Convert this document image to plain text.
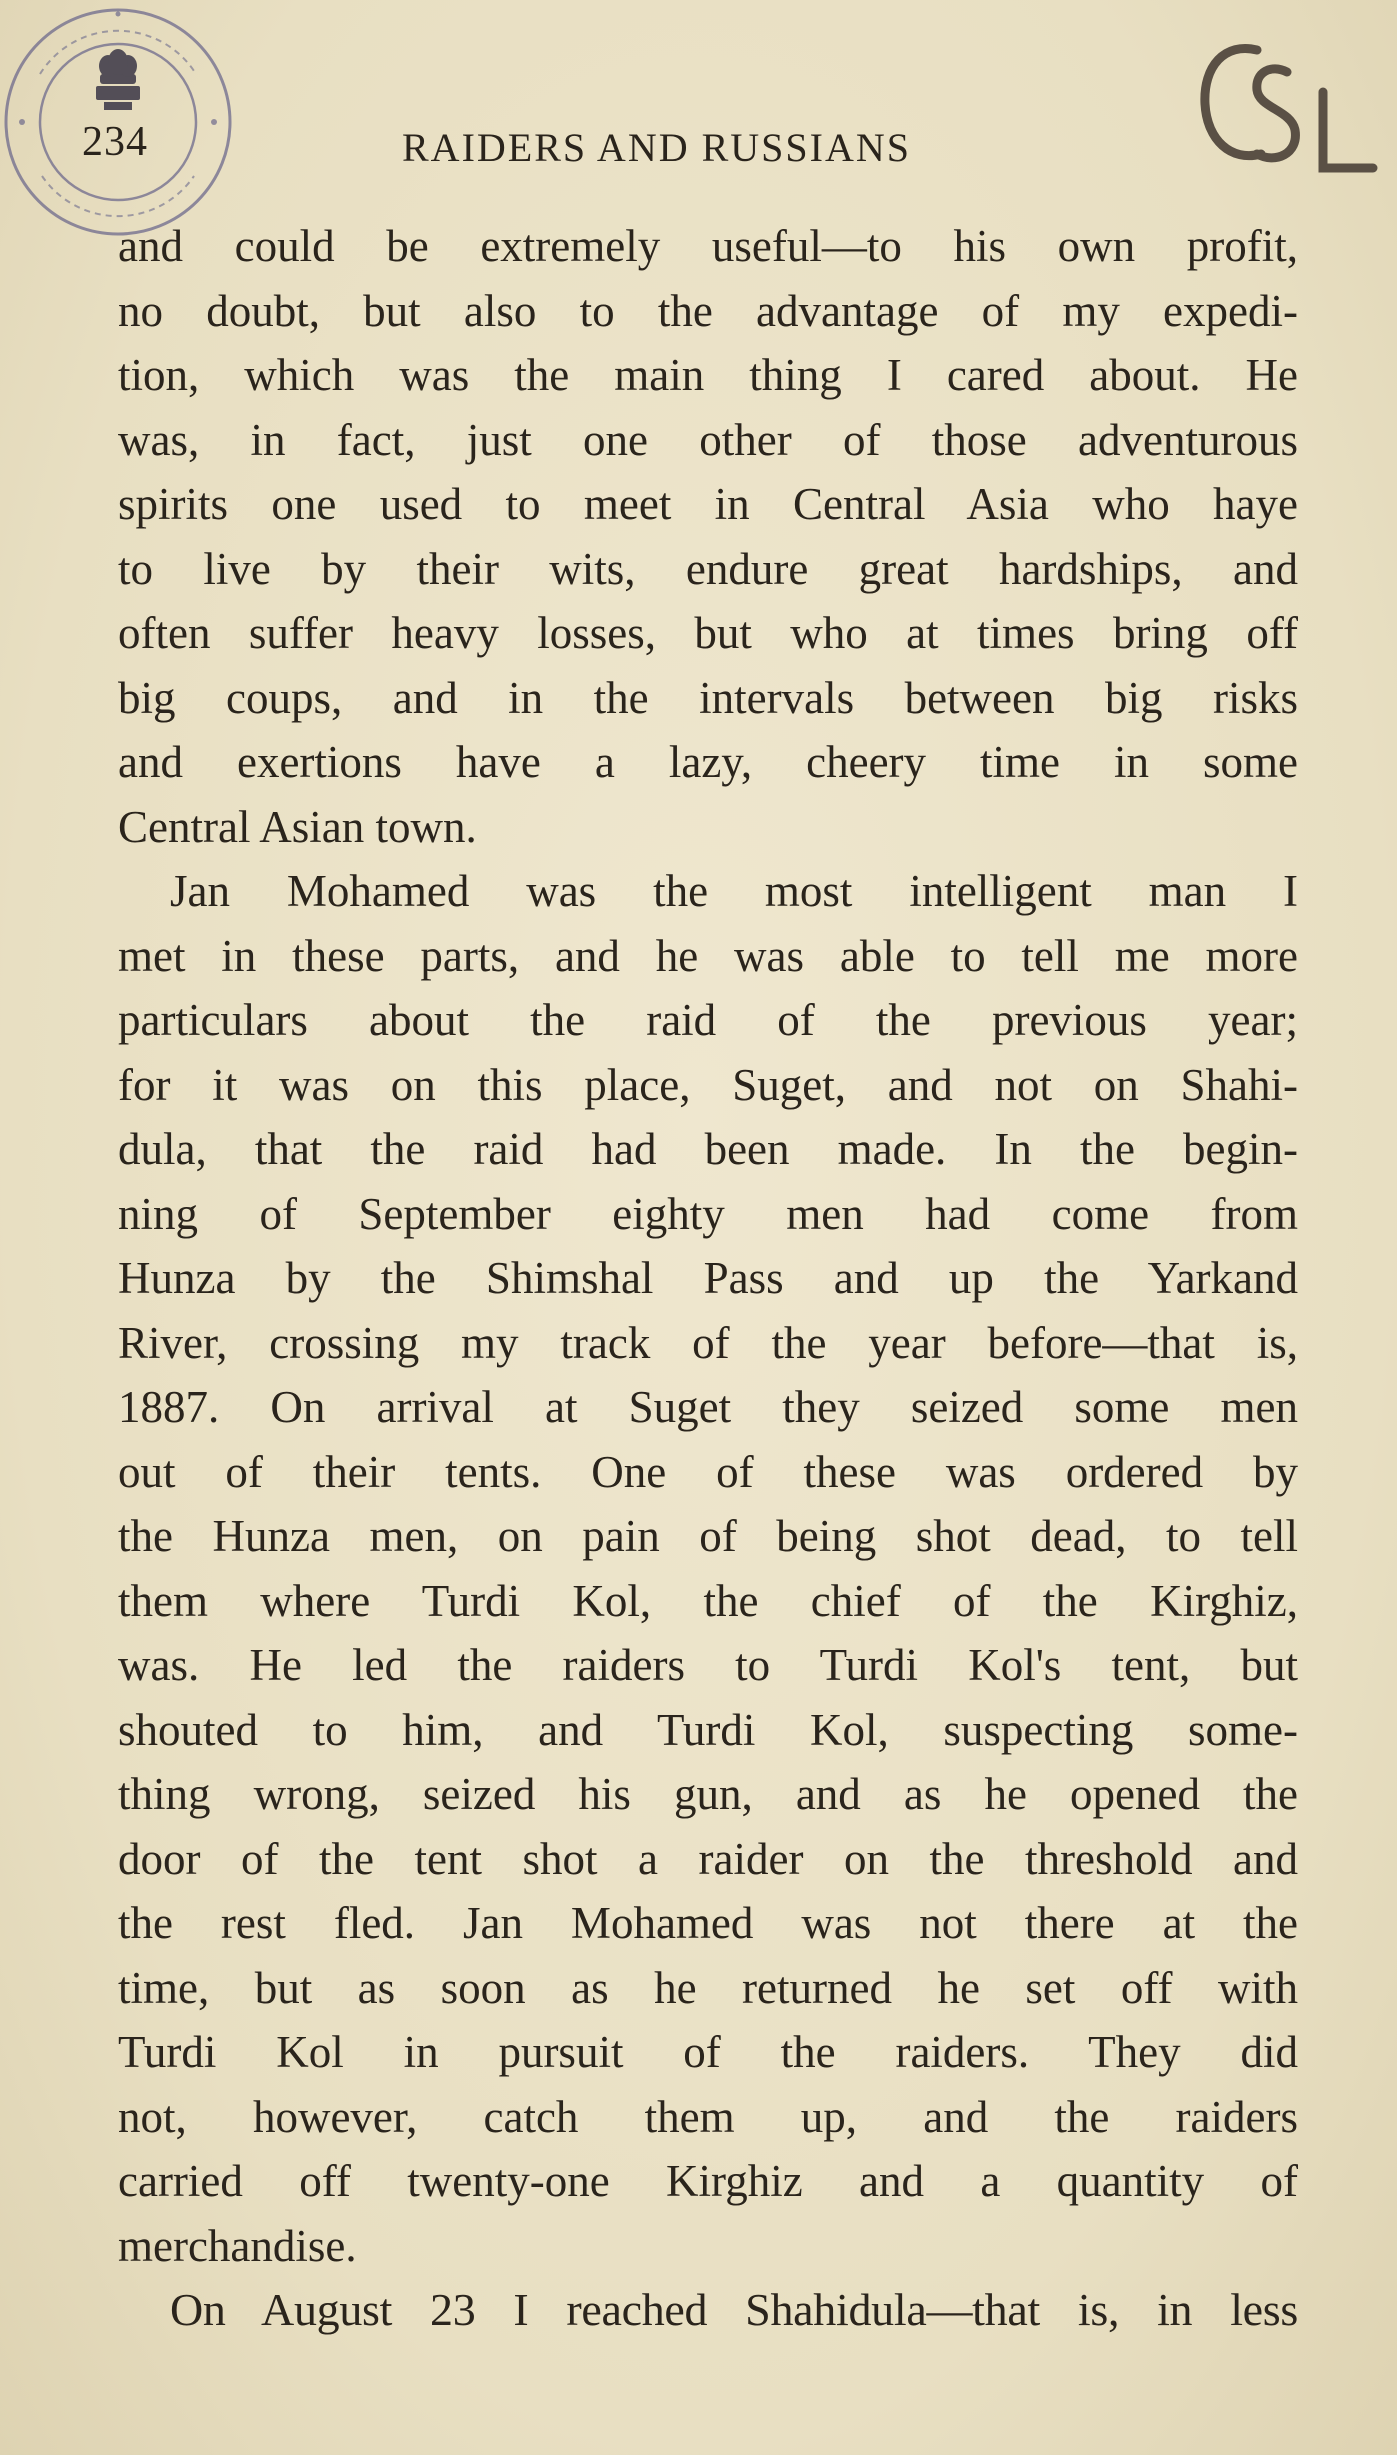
234	RAIDERS AND RUSSIANS
and could be extremely useful—to his own profit,
no doubt, but also to the advantage of my expedi-
tion, which was the main thing I cared about. He
was, in fact, just one other of those adventurous
spirits one used to meet in Central Asia who haye
to live by their wits, endure great hardships, and
often suffer heavy losses, but who at times bring off
big coups, and in the intervals between big risks
and exertions have a lazy, cheery time in some
Central Asian town.
Jan Mohamed was the most intelligent man I
met in these parts, and he was able to tell me more
particulars about the raid of the previous year;
for it was on this place, Suget, and not on Shahi-
dula, that the raid had been made. In the begin-
ning of September eighty men had come from
Hunza by the Shimshal Pass and up the Yarkand
River, crossing my track of the year before—that is,
1887. On arrival at Suget they seized some men
out of their tents. One of these was ordered by
the Hunza men, on pain of being shot dead, to tell
them where Turdi Kol, the chief of the Kirghiz,
was. He led the raiders to Turdi Kol's tent, but
shouted to him, and Turdi Kol, suspecting some-
thing wrong, seized his gun, and as he opened the
door of the tent shot a raider on the threshold and
the rest fled. Jan Mohamed was not there at the
time, but as soon as he returned he set off with
Turdi Kol in pursuit of the raiders. They did
not, however, catch them up, and the raiders
carried off twenty-one Kirghiz and a quantity of
merchandise.
On August 23 I reached Shahidula—that is, in less
